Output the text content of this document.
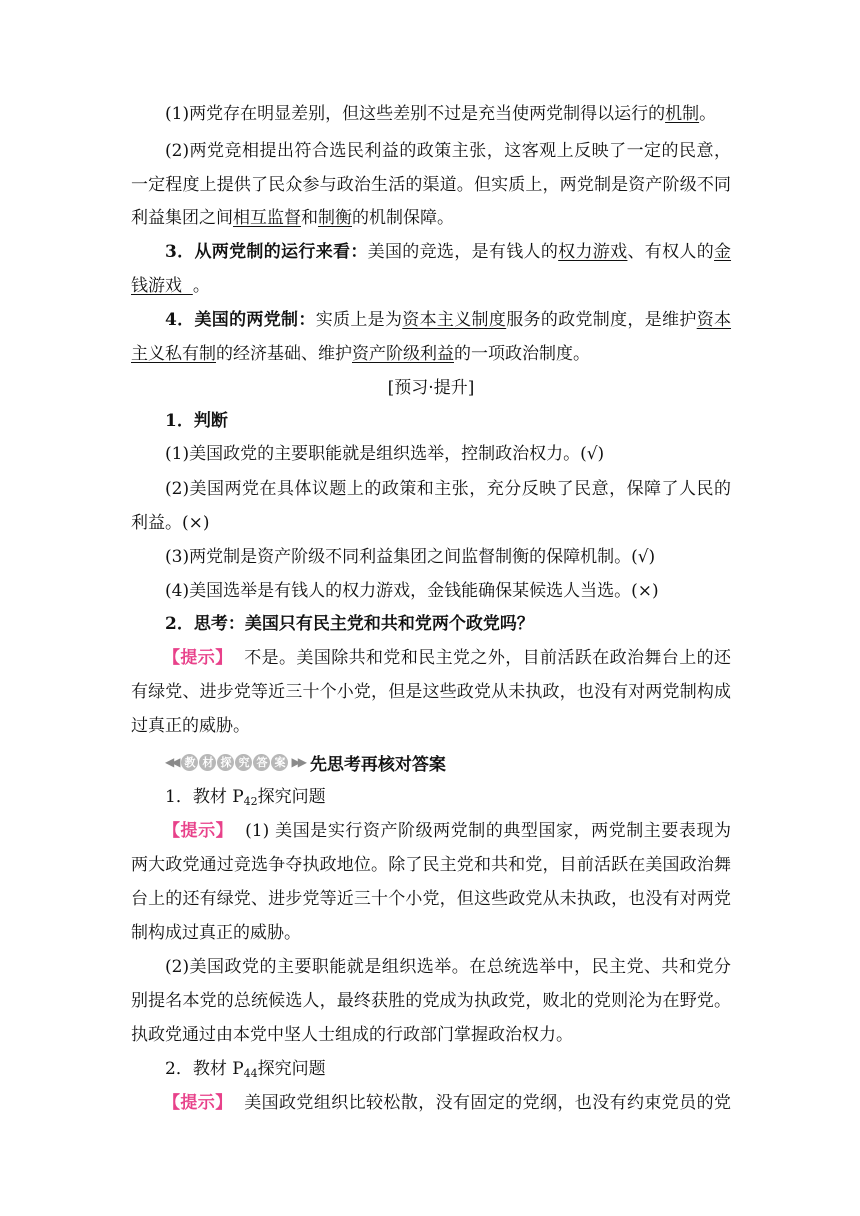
(1)两党存在明显差别，但这些差别不过是充当使两党制得以运行的机制。
(2)两党竞相提出符合选民利益的政策主张，这客观上反映了一定的民意，
一定程度上提供了民众参与政治生活的渠道。但实质上，两党制是资产阶级不同
利益集团之间相互监督和制衡的机制保障。
3．从两党制的运行来看：美国的竞选，是有钱人的权力游戏、有权人的金
钱游戏  。
4．美国的两党制：实质上是为资本主义制度服务的政党制度，是维护资本
主义私有制的经济基础、维护资产阶级利益的一项政治制度。
[预习·提升]
1．判断
(1)美国政党的主要职能就是组织选举，控制政治权力。(√)
(2)美国两党在具体议题上的政策和主张，充分反映了民意，保障了人民的
利益。(×)
(3)两党制是资产阶级不同利益集团之间监督制衡的保障机制。(√)
(4)美国选举是有钱人的权力游戏，金钱能确保某候选人当选。(×)
2．思考：美国只有民主党和共和党两个政党吗？
【提示】 不是。美国除共和党和民主党之外，目前活跃在政治舞台上的还
有绿党、进步党等近三十个小党，但是这些政党从未执政，也没有对两党制构成
过真正的威胁。
◀◀ 教 材 探 究 答 案 ▶▶ 先思考再核对答案
1．教材 $P_{42}$探究问题
【提示】 (1) 美国是实行资产阶级两党制的典型国家，两党制主要表现为
两大政党通过竞选争夺执政地位。除了民主党和共和党，目前活跃在美国政治舞
台上的还有绿党、进步党等近三十个小党，但这些政党从未执政，也没有对两党
制构成过真正的威胁。
(2)美国政党的主要职能就是组织选举。在总统选举中，民主党、共和党分
别提名本党的总统候选人，最终获胜的党成为执政党，败北的党则沦为在野党。
执政党通过由本党中坚人士组成的行政部门掌握政治权力。
2．教材 $P_{44}$探究问题
【提示】 美国政党组织比较松散，没有固定的党纲，也没有约束党员的党
